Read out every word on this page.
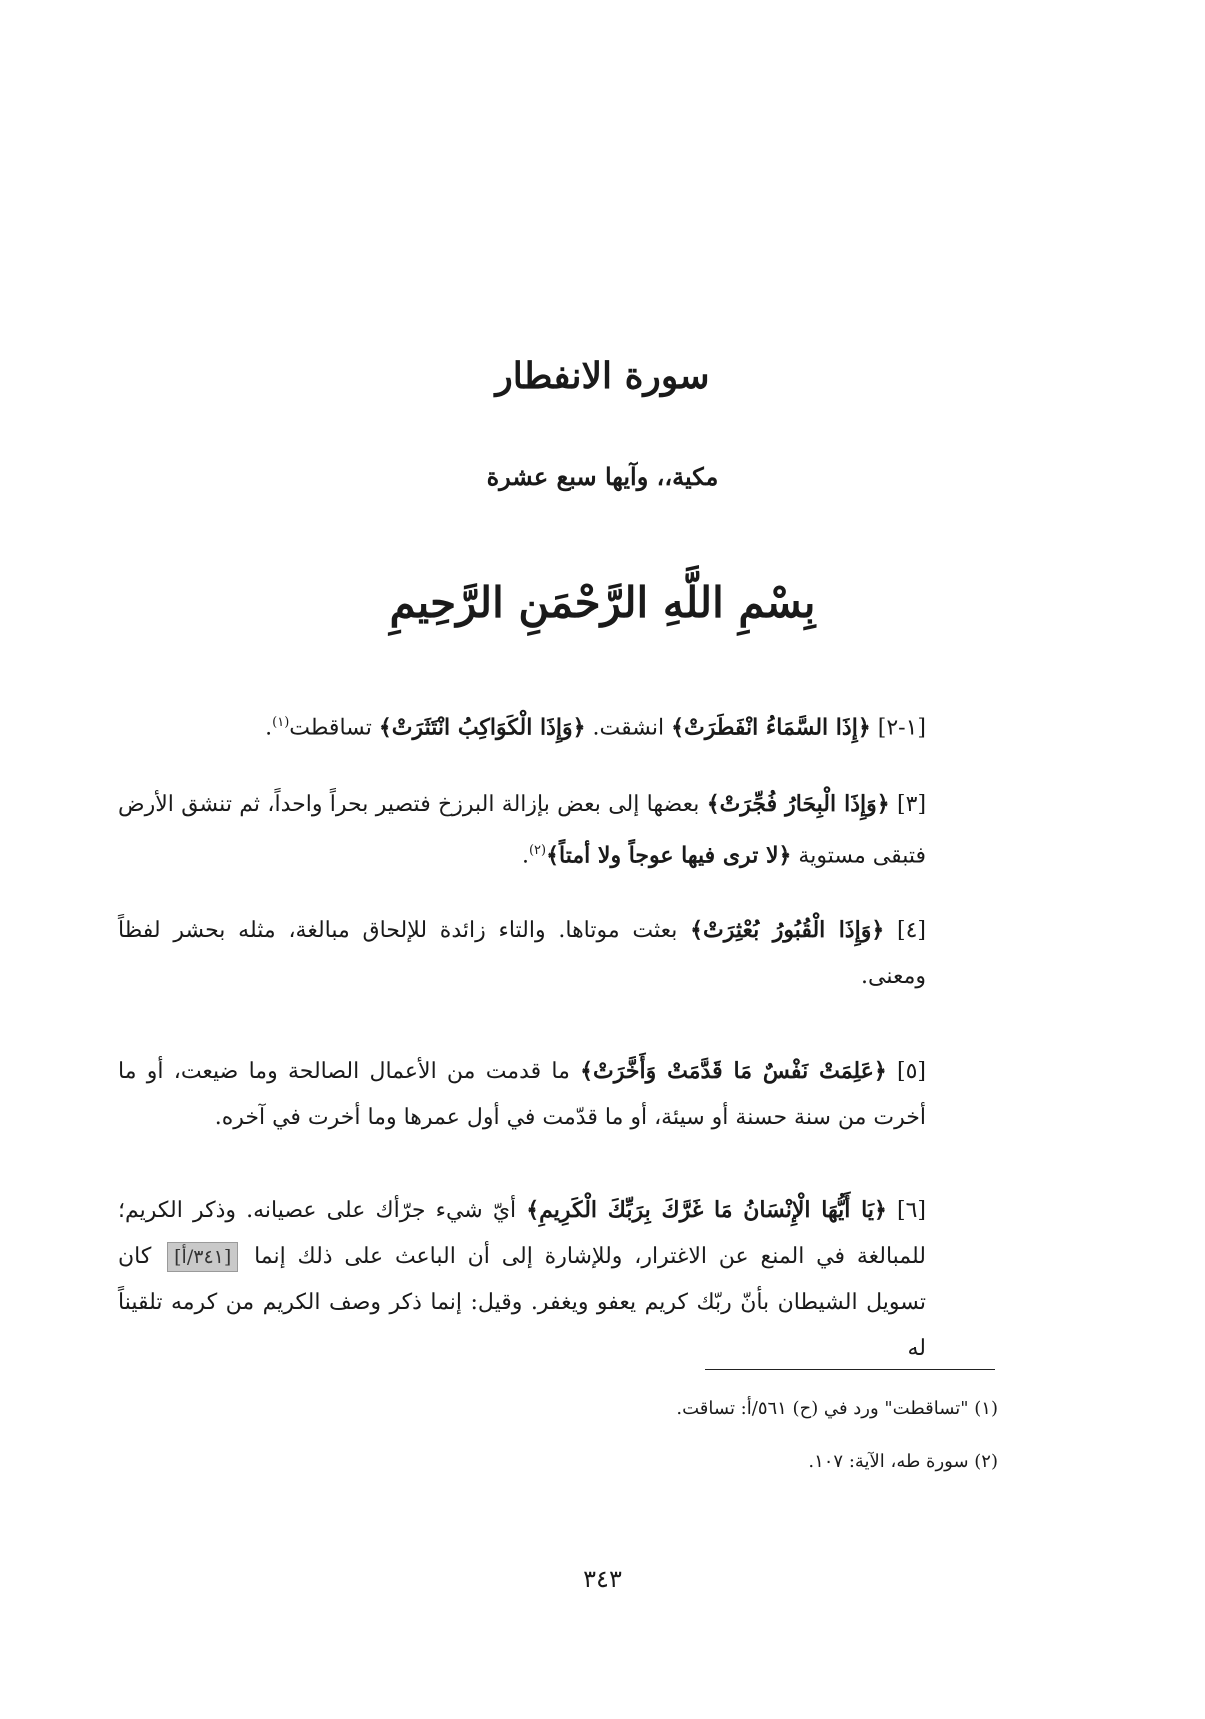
سورة الانفطار
مكية،، وآيها سبع عشرة
بِسْمِ اللَّهِ الرَّحْمَنِ الرَّحِيمِ
[١-٢] ﴿إِذَا السَّمَاءُ انْفَطَرَتْ﴾ انشقت. ﴿وَإِذَا الْكَوَاكِبُ انْتَثَرَتْ﴾ تساقطت$^{(١)}$.
[٣] ﴿وَإِذَا الْبِحَارُ فُجِّرَتْ﴾ بعضها إلى بعض بإزالة البرزخ فتصير بحراً واحداً، ثم تنشق الأرض فتبقى مستوية ﴿لا ترى فيها عوجاً ولا أمتاً﴾$^{(٢)}$.
[٤] ﴿وَإِذَا الْقُبُورُ بُعْثِرَتْ﴾ بعثت موتاها. والتاء زائدة للإلحاق مبالغة، مثله بحشر لفظاً ومعنى.
[٥] ﴿عَلِمَتْ نَفْسٌ مَا قَدَّمَتْ وَأَخَّرَتْ﴾ ما قدمت من الأعمال الصالحة وما ضيعت، أو ما أخرت من سنة حسنة أو سيئة، أو ما قدّمت في أول عمرها وما أخرت في آخره.
[٦] ﴿يَا أَيُّهَا الْإِنْسَانُ مَا غَرَّكَ بِرَبِّكَ الْكَرِيمِ﴾ أيّ شيء جرّأك على عصيانه. وذكر الكريم؛ للمبالغة في المنع عن الاغترار، وللإشارة إلى أن الباعث على ذلك إنما [٣٤١/أ] كان تسويل الشيطان بأنّ ربّك كريم يعفو ويغفر. وقيل: إنما ذكر وصف الكريم من كرمه تلقيناً له
(١) "تساقطت" ورد في (ح) ٥٦١/أ: تساقت.
(٢) سورة طه، الآية: ١٠٧.
٣٤٣
